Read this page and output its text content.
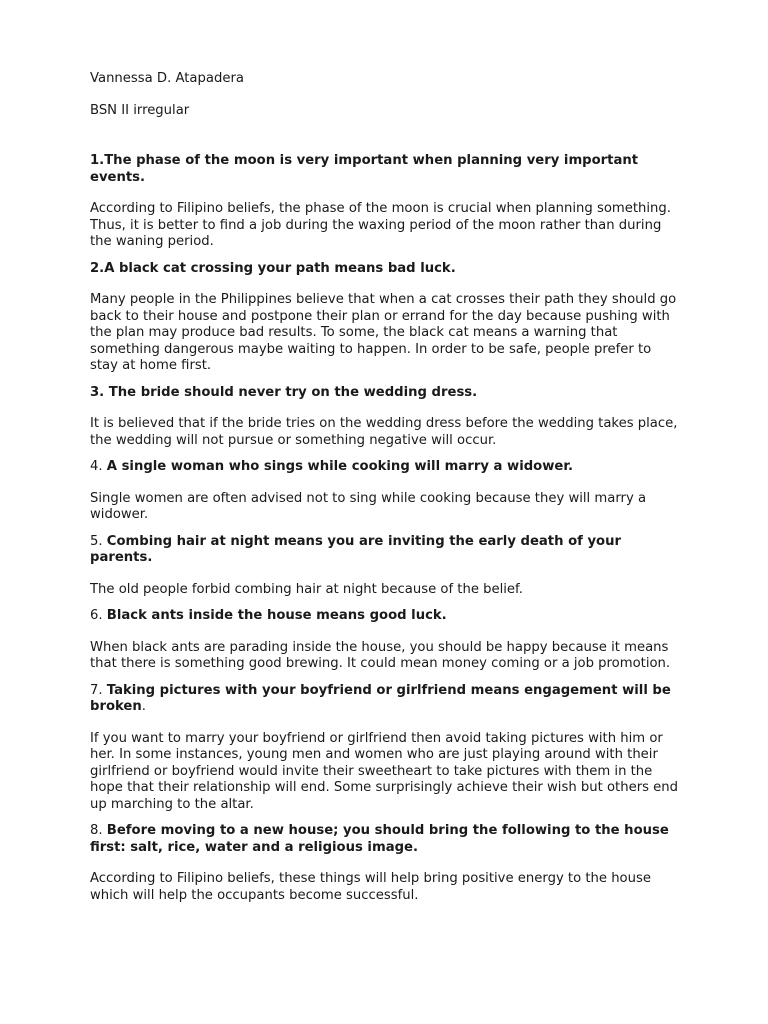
Vannessa D. Atapadera

BSN II irregular

1.The phase of the moon is very important when planning very important events.

According to Filipino beliefs, the phase of the moon is crucial when planning something. Thus, it is better to find a job during the waxing period of the moon rather than during the waning period.

2.A black cat crossing your path means bad luck.

Many people in the Philippines believe that when a cat crosses their path they should go back to their house and postpone their plan or errand for the day because pushing with the plan may produce bad results. To some, the black cat means a warning that something dangerous maybe waiting to happen. In order to be safe, people prefer to stay at home first.

3. The bride should never try on the wedding dress.

It is believed that if the bride tries on the wedding dress before the wedding takes place, the wedding will not pursue or something negative will occur.

4. A single woman who sings while cooking will marry a widower.

Single women are often advised not to sing while cooking because they will marry a widower.

5. Combing hair at night means you are inviting the early death of your parents.

The old people forbid combing hair at night because of the belief.

6. Black ants inside the house means good luck.

When black ants are parading inside the house, you should be happy because it means that there is something good brewing. It could mean money coming or a job promotion.

7. Taking pictures with your boyfriend or girlfriend means engagement will be broken.

If you want to marry your boyfriend or girlfriend then avoid taking pictures with him or her. In some instances, young men and women who are just playing around with their girlfriend or boyfriend would invite their sweetheart to take pictures with them in the hope that their relationship will end. Some surprisingly achieve their wish but others end up marching to the altar.

8. Before moving to a new house; you should bring the following to the house first: salt, rice, water and a religious image.

According to Filipino beliefs, these things will help bring positive energy to the house which will help the occupants become successful.
